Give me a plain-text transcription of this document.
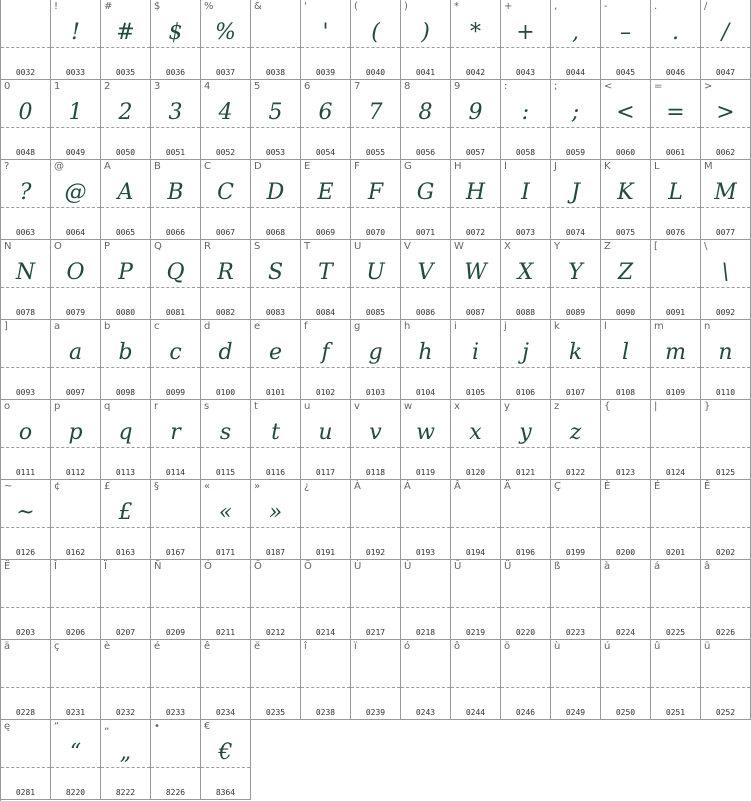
0032
!
!
0033
#
#
0035
$
$
0036
%
%
0037
&
0038
'
'
0039
(
(
0040
)
)
0041
*
*
0042
+
+
0043
,
,
0044
-
–
0045
.
.
0046
/
/
0047
0
0
0048
1
1
0049
2
2
0050
3
3
0051
4
4
0052
5
5
0053
6
6
0054
7
7
0055
8
8
0056
9
9
0057
:
:
0058
;
;
0059
<
<
0060
=
=
0061
>
>
0062
?
?
0063
@
@
0064
A
A
0065
B
B
0066
C
C
0067
D
D
0068
E
E
0069
F
F
0070
G
G
0071
H
H
0072
I
I
0073
J
J
0074
K
K
0075
L
L
0076
M
M
0077
N
N
0078
O
O
0079
P
P
0080
Q
Q
0081
R
R
0082
S
S
0083
T
T
0084
U
U
0085
V
V
0086
W
W
0087
X
X
0088
Y
Y
0089
Z
Z
0090
[
0091
\
\
0092
]
0093
a
a
0097
b
b
0098
c
c
0099
d
d
0100
e
e
0101
f
f
0102
g
g
0103
h
h
0104
i
i
0105
j
j
0106
k
k
0107
l
l
0108
m
m
0109
n
n
0110
o
o
0111
p
p
0112
q
q
0113
r
r
0114
s
s
0115
t
t
0116
u
u
0117
v
v
0118
w
w
0119
x
x
0120
y
y
0121
z
z
0122
{
0123
|
0124
}
0125
~
~
0126
¢
0162
£
£
0163
§
0167
«
«
0171
»
»
0187
¿
0191
À
0192
Á
0193
Â
0194
Ä
0196
Ç
0199
È
0200
É
0201
Ê
0202
Ë
0203
Î
0206
Ï
0207
Ñ
0209
Ó
0211
Ô
0212
Ö
0214
Ù
0217
Ú
0218
Û
0219
Ü
0220
ß
0223
à
0224
á
0225
â
0226
ä
0228
ç
0231
è
0232
é
0233
ê
0234
ë
0235
î
0238
ï
0239
ó
0243
ô
0244
ö
0246
ù
0249
ú
0250
û
0251
ü
0252
ę
0281
“
“
8220
„
„
8222
•
8226
€
€
8364
